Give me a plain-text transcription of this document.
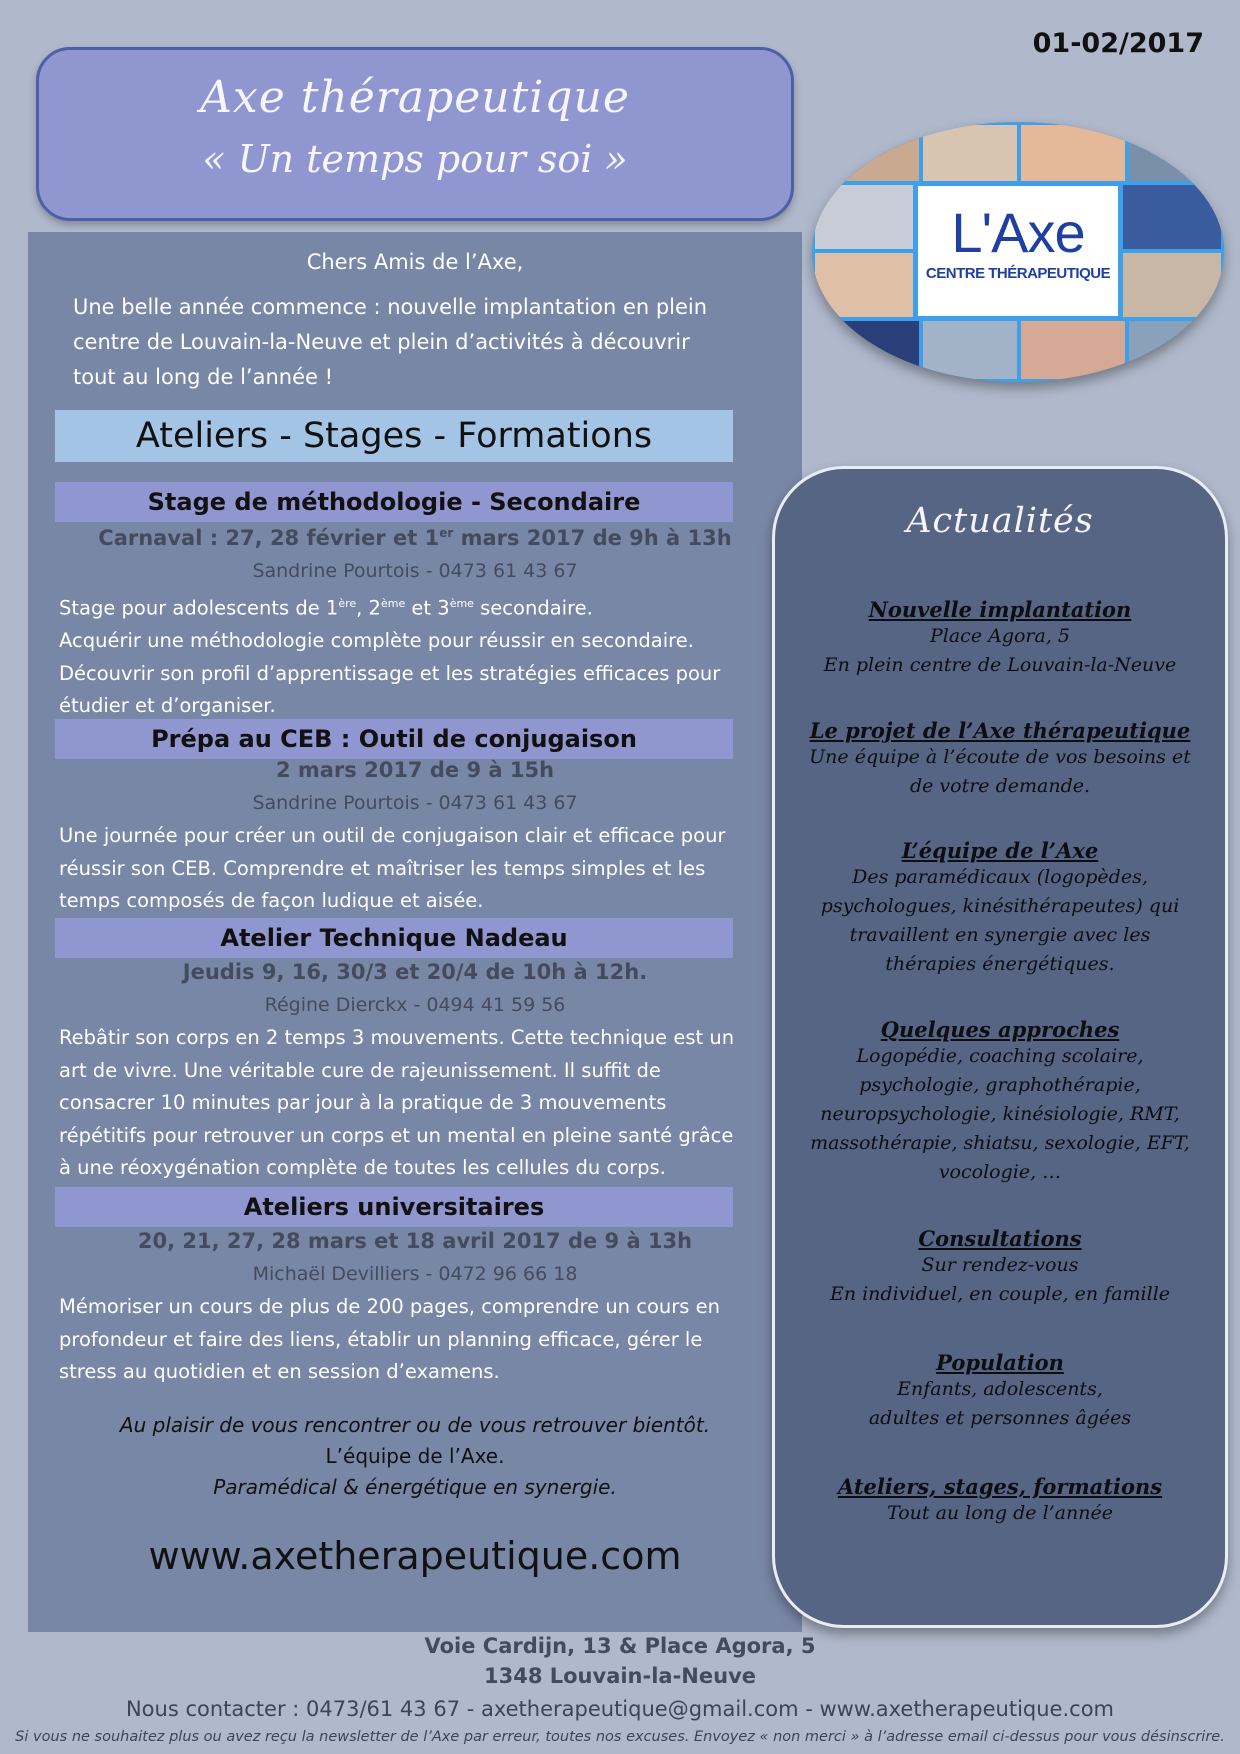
01-02/2017
Axe thérapeutique
« Un temps pour soi »
L'Axe
CENTRE THÉRAPEUTIQUE
Chers Amis de l’Axe,
Une belle année commence : nouvelle implantation en plein centre de Louvain-la-Neuve et plein d’activités à découvrir tout au long de l’année !
Ateliers - Stages - Formations
Stage de méthodologie - Secondaire
Carnaval : 27, 28 février et 1er mars 2017 de 9h à 13h
Sandrine Pourtois - 0473 61 43 67
Stage pour adolescents de 1ère, 2ème et 3ème secondaire.
Acquérir une méthodologie complète pour réussir en secondaire. Découvrir son profil d’apprentissage et les stratégies efficaces pour étudier et d’organiser.
Prépa au CEB : Outil de conjugaison
2 mars 2017 de 9 à 15h
Sandrine Pourtois - 0473 61 43 67
Une journée pour créer un outil de conjugaison clair et efficace pour réussir son CEB. Comprendre et maîtriser les temps simples et les temps composés de façon ludique et aisée.
Atelier Technique Nadeau
Jeudis 9, 16, 30/3 et 20/4 de 10h à 12h.
Régine Dierckx - 0494 41 59 56
Rebâtir son corps en 2 temps 3 mouvements. Cette technique est un art de vivre. Une véritable cure de rajeunissement. Il suffit de consacrer 10 minutes par jour à la pratique de 3 mouvements répétitifs pour retrouver un corps et un mental en pleine santé grâce à une réoxygénation complète de toutes les cellules du corps.
Ateliers universitaires
20, 21, 27, 28 mars et 18 avril 2017 de 9 à 13h
Michaël Devilliers - 0472 96 66 18
Mémoriser un cours de plus de 200 pages, comprendre un cours en profondeur et faire des liens, établir un planning efficace, gérer le stress au quotidien et en session d’examens.
Au plaisir de vous rencontrer ou de vous retrouver bientôt.
L’équipe de l’Axe.
Paramédical & énergétique en synergie.
www.axetherapeutique.com
Actualités
Nouvelle implantation
Place Agora, 5
En plein centre de Louvain-la-Neuve
Le projet de l’Axe thérapeutique
Une équipe à l’écoute de vos besoins et
de votre demande.
L’équipe de l’Axe
Des paramédicaux (logopèdes,
psychologues, kinésithérapeutes) qui
travaillent en synergie avec les
thérapies énergétiques.
Quelques approches
Logopédie, coaching scolaire,
psychologie, graphothérapie,
neuropsychologie, kinésiologie, RMT,
massothérapie, shiatsu, sexologie, EFT,
vocologie, …
Consultations
Sur rendez-vous
En individuel, en couple, en famille
Population
Enfants, adolescents,
adultes et personnes âgées
Ateliers, stages, formations
Tout au long de l’année
Voie Cardijn, 13 & Place Agora, 5
1348 Louvain-la-Neuve
Nous contacter : 0473/61 43 67 - axetherapeutique@gmail.com - www.axetherapeutique.com
Si vous ne souhaitez plus ou avez reçu la newsletter de l’Axe par erreur, toutes nos excuses. Envoyez « non merci » à l’adresse email ci-dessus pour vous désinscrire.
